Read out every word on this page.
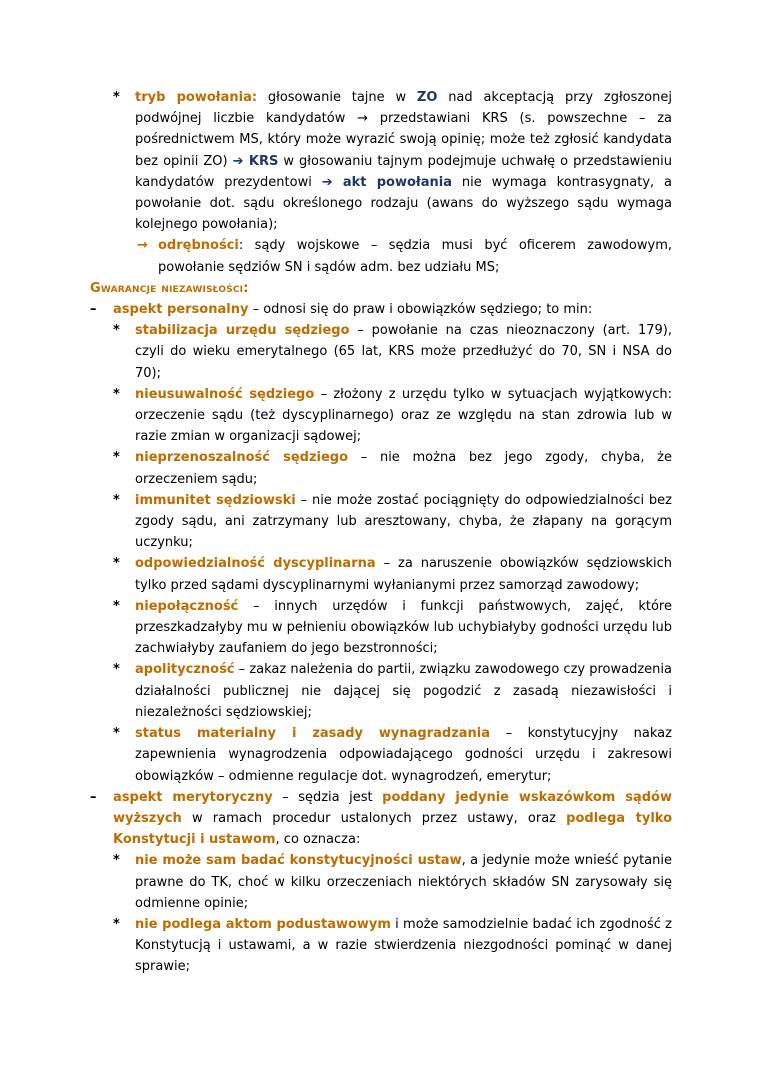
*	tryb powołania: głosowanie tajne w ZO nad akceptacją przy zgłoszonej podwójnej liczbie kandydatów → przedstawiani KRS (s. powszechne – za pośrednictwem MS, który może wyrazić swoją opinię; może też zgłosić kandydata bez opinii ZO) ➔ KRS w głosowaniu tajnym podejmuje uchwałę o przedstawieniu kandydatów prezydentowi ➔ akt powołania nie wymaga kontrasygnaty, a powołanie dot. sądu określonego rodzaju (awans do wyższego sądu wymaga kolejnego powołania);
→ odrębności: sądy wojskowe – sędzia musi być oficerem zawodowym, powołanie sędziów SN i sądów adm. bez udziału MS;
Gwarancje niezawisłości:
–	aspekt personalny – odnosi się do praw i obowiązków sędziego; to min:
*	stabilizacja urzędu sędziego – powołanie na czas nieoznaczony (art. 179), czyli do wieku emerytalnego (65 lat, KRS może przedłużyć do 70, SN i NSA do 70);
*	nieusuwalność sędziego – złożony z urzędu tylko w sytuacjach wyjątkowych: orzeczenie sądu (też dyscyplinarnego) oraz ze względu na stan zdrowia lub w razie zmian w organizacji sądowej;
*	nieprzenoszalność sędziego – nie można bez jego zgody, chyba, że orzeczeniem sądu;
*	immunitet sędziowski – nie może zostać pociągnięty do odpowiedzialności bez zgody sądu, ani zatrzymany lub aresztowany, chyba, że złapany na gorącym uczynku;
*	odpowiedzialność dyscyplinarna – za naruszenie obowiązków sędziowskich tylko przed sądami dyscyplinarnymi wyłanianymi przez samorząd zawodowy;
*	niepołączność – innych urzędów i funkcji państwowych, zajęć, które przeszkadzałyby mu w pełnieniu obowiązków lub uchybiałyby godności urzędu lub zachwiałyby zaufaniem do jego bezstronności;
*	apolityczność – zakaz należenia do partii, związku zawodowego czy prowadzenia działalności publicznej nie dającej się pogodzić z zasadą niezawisłości i niezależności sędziowskiej;
*	status materialny i zasady wynagradzania – konstytucyjny nakaz zapewnienia wynagrodzenia odpowiadającego godności urzędu i zakresowi obowiązków – odmienne regulacje dot. wynagrodzeń, emerytur;
–	aspekt merytoryczny – sędzia jest poddany jedynie wskazówkom sądów wyższych w ramach procedur ustalonych przez ustawy, oraz podlega tylko Konstytucji i ustawom, co oznacza:
*	nie może sam badać konstytucyjności ustaw, a jedynie może wnieść pytanie prawne do TK, choć w kilku orzeczeniach niektórych składów SN zarysowały się odmienne opinie;
*	nie podlega aktom podustawowym i może samodzielnie badać ich zgodność z Konstytucją i ustawami, a w razie stwierdzenia niezgodności pominąć w danej sprawie;
